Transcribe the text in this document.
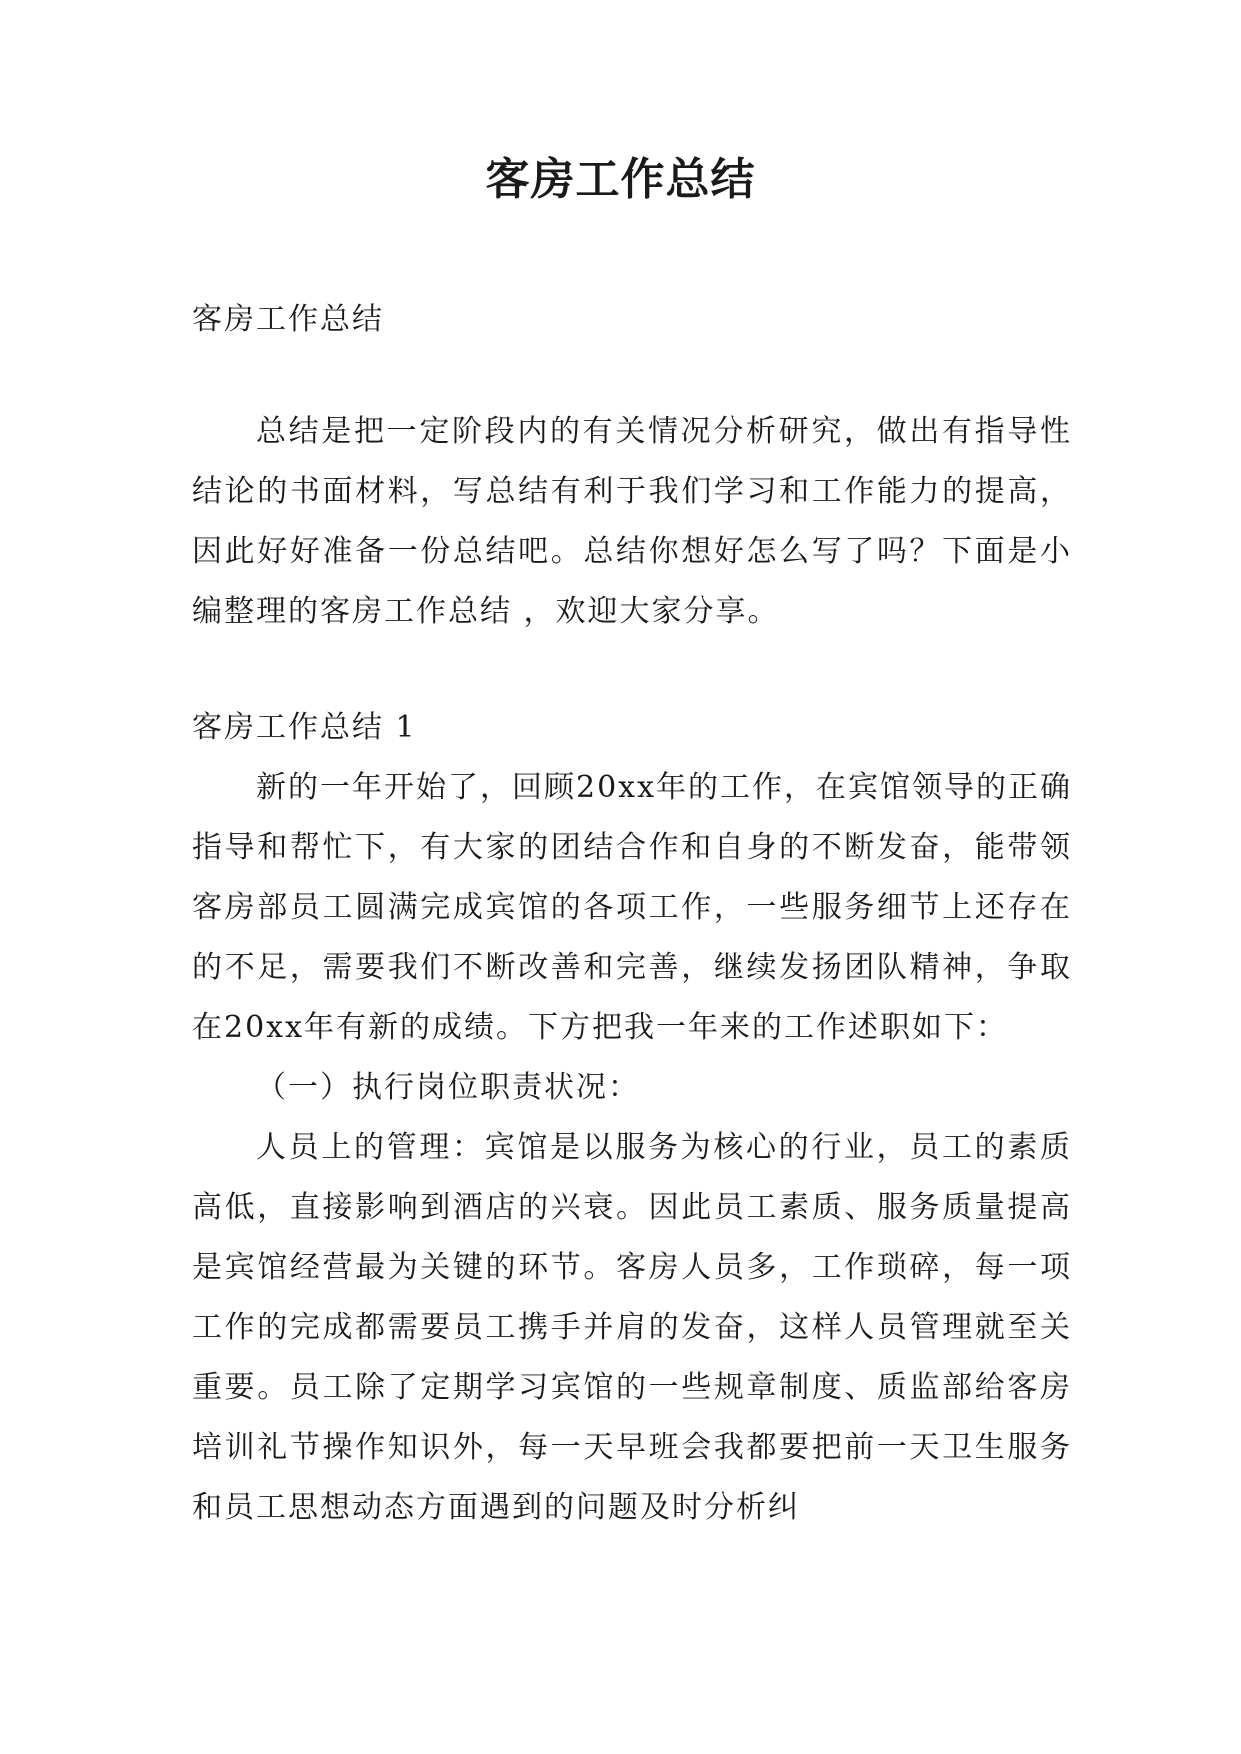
客房工作总结

客房工作总结

总结是把一定阶段内的有关情况分析研究，做出有指导性结论的书面材料，写总结有利于我们学习和工作能力的提高，因此好好准备一份总结吧。总结你想好怎么写了吗？下面是小编整理的客房工作总结 ，欢迎大家分享。

客房工作总结 1

新的一年开始了，回顾20xx年的工作，在宾馆领导的正确指导和帮忙下，有大家的团结合作和自身的不断发奋，能带领客房部员工圆满完成宾馆的各项工作，一些服务细节上还存在的不足，需要我们不断改善和完善，继续发扬团队精神，争取在20xx年有新的成绩。下方把我一年来的工作述职如下：

（一）执行岗位职责状况：

人员上的管理：宾馆是以服务为核心的行业，员工的素质高低，直接影响到酒店的兴衰。因此员工素质、服务质量提高是宾馆经营最为关键的环节。客房人员多，工作琐碎，每一项工作的完成都需要员工携手并肩的发奋，这样人员管理就至关重要。员工除了定期学习宾馆的一些规章制度、质监部给客房培训礼节操作知识外，每一天早班会我都要把前一天卫生服务和员工思想动态方面遇到的问题及时分析纠
